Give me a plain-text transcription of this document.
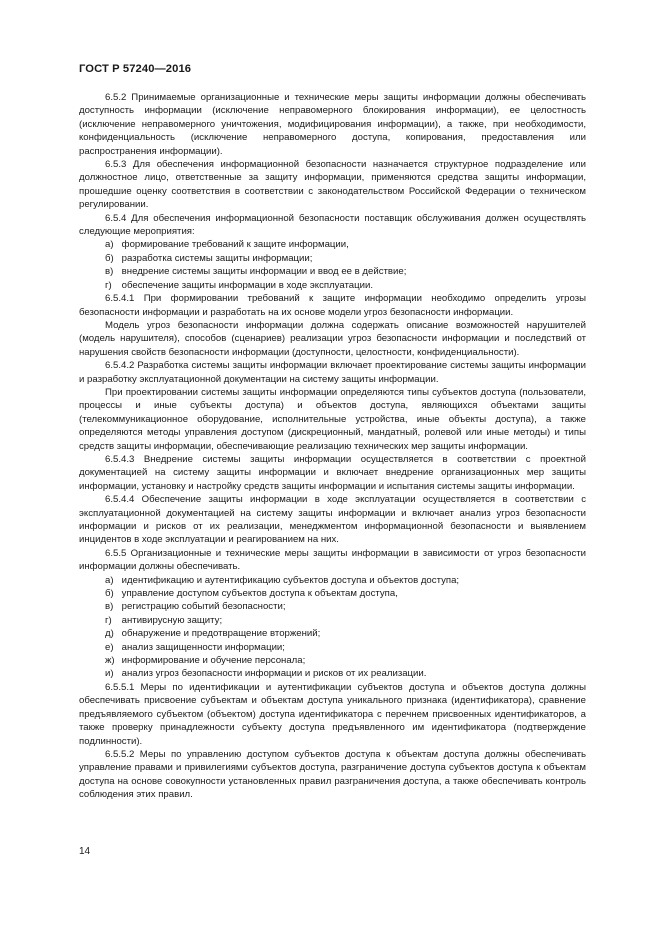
ГОСТ Р 57240—2016
6.5.2 Принимаемые организационные и технические меры защиты информации должны обеспечивать доступность информации (исключение неправомерного блокирования информации), ее целостность (исключение неправомерного уничтожения, модифицирования информации), а также, при необходимости, конфиденциальность (исключение неправомерного доступа, копирования, предоставления или распространения информации).
6.5.3 Для обеспечения информационной безопасности назначается структурное подразделение или должностное лицо, ответственные за защиту информации, применяются средства защиты информации, прошедшие оценку соответствия в соответствии с законодательством Российской Федерации о техническом регулировании.
6.5.4 Для обеспечения информационной безопасности поставщик обслуживания должен осуществлять следующие мероприятия:
а) формирование требований к защите информации,
б) разработка системы защиты информации;
в) внедрение системы защиты информации и ввод ее в действие;
г) обеспечение защиты информации в ходе эксплуатации.
6.5.4.1 При формировании требований к защите информации необходимо определить угрозы безопасности информации и разработать на их основе модели угроз безопасности информации.
Модель угроз безопасности информации должна содержать описание возможностей нарушителей (модель нарушителя), способов (сценариев) реализации угроз безопасности информации и последствий от нарушения свойств безопасности информации (доступности, целостности, конфиденциальности).
6.5.4.2 Разработка системы защиты информации включает проектирование системы защиты информации и разработку эксплуатационной документации на систему защиты информации.
При проектировании системы защиты информации определяются типы субъектов доступа (пользователи, процессы и иные субъекты доступа) и объектов доступа, являющихся объектами защиты (телекоммуникационное оборудование, исполнительные устройства, иные объекты доступа), а также определяются методы управления доступом (дискреционный, мандатный, ролевой или иные методы) и типы средств защиты информации, обеспечивающие реализацию технических мер защиты информации.
6.5.4.3 Внедрение системы защиты информации осуществляется в соответствии с проектной документацией на систему защиты информации и включает внедрение организационных мер защиты информации, установку и настройку средств защиты информации и испытания системы защиты информации.
6.5.4.4 Обеспечение защиты информации в ходе эксплуатации осуществляется в соответствии с эксплуатационной документацией на систему защиты информации и включает анализ угроз безопасности информации и рисков от их реализации, менеджментом информационной безопасности и выявлением инцидентов в ходе эксплуатации и реагированием на них.
6.5.5 Организационные и технические меры защиты информации в зависимости от угроз безопасности информации должны обеспечивать.
а) идентификацию и аутентификацию субъектов доступа и объектов доступа;
б) управление доступом субъектов доступа к объектам доступа,
в) регистрацию событий безопасности;
г) антивирусную защиту;
д) обнаружение и предотвращение вторжений;
е) анализ защищенности информации;
ж) информирование и обучение персонала;
и) анализ угроз безопасности информации и рисков от их реализации.
6.5.5.1 Меры по идентификации и аутентификации субъектов доступа и объектов доступа должны обеспечивать присвоение субъектам и объектам доступа уникального признака (идентификатора), сравнение предъявляемого субъектом (объектом) доступа идентификатора с перечнем присвоенных идентификаторов, а также проверку принадлежности субъекту доступа предъявленного им идентификатора (подтверждение подлинности).
6.5.5.2 Меры по управлению доступом субъектов доступа к объектам доступа должны обеспечивать управление правами и привилегиями субъектов доступа, разграничение доступа субъектов доступа к объектам доступа на основе совокупности установленных правил разграничения доступа, а также обеспечивать контроль соблюдения этих правил.
14
